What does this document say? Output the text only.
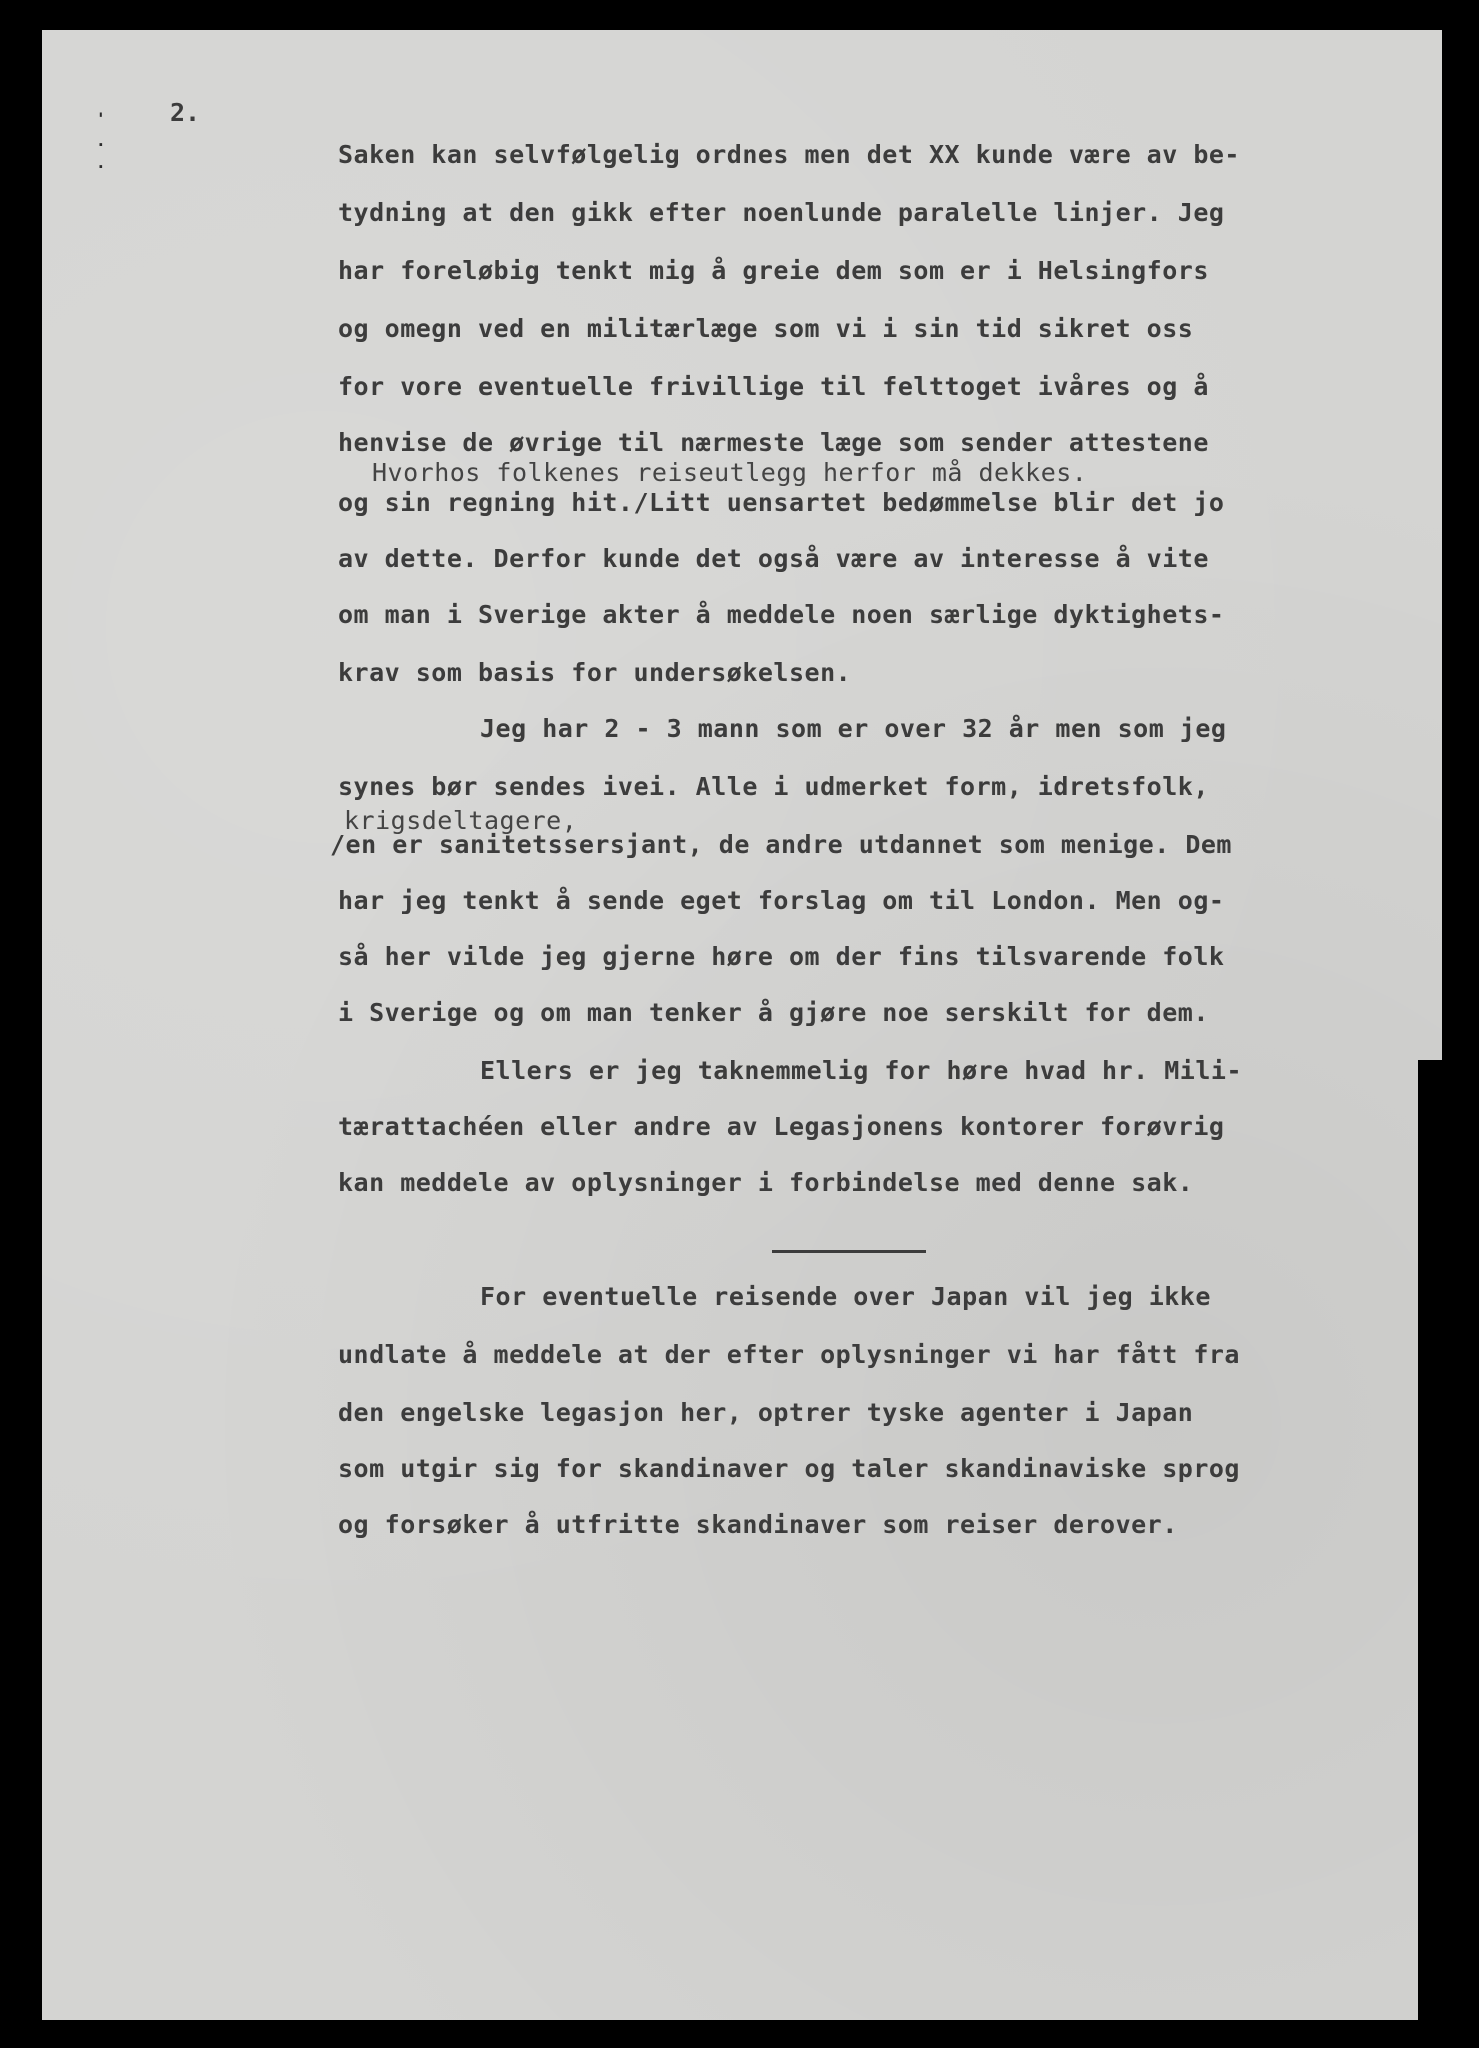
' . .
2.

Saken kan selvfølgelig ordnes men det XX kunde være av be-

tydning at den gikk efter noenlunde paralelle linjer. Jeg

har foreløbig tenkt mig å greie dem som er i Helsingfors

og omegn ved en militærlæge som vi i sin tid sikret oss

for vore eventuelle frivillige til felttoget ivåres og å

henvise de øvrige til nærmeste læge som sender attestene

Hvorhos folkenes reiseutlegg herfor må dekkes.

og sin regning hit./Litt uensartet bedømmelse blir det jo

av dette. Derfor kunde det også være av interesse å vite

om man i Sverige akter å meddele noen særlige dyktighets-

krav som basis for undersøkelsen.

Jeg har 2 - 3 mann som er over 32 år men som jeg

synes bør sendes ivei. Alle i udmerket form, idretsfolk,

krigsdeltagere,

/en er sanitetssersjant, de andre utdannet som menige. Dem

har jeg tenkt å sende eget forslag om til London. Men og-

så her vilde jeg gjerne høre om der fins tilsvarende folk

i Sverige og om man tenker å gjøre noe serskilt for dem.

Ellers er jeg taknemmelig for høre hvad hr. Mili-

tærattachéen eller andre av Legasjonens kontorer forøvrig

kan meddele av oplysninger i forbindelse med denne sak.

For eventuelle reisende over Japan vil jeg ikke

undlate å meddele at der efter oplysninger vi har fått fra

den engelske legasjon her, optrer tyske agenter i Japan

som utgir sig for skandinaver og taler skandinaviske sprog

og forsøker å utfritte skandinaver som reiser derover.
